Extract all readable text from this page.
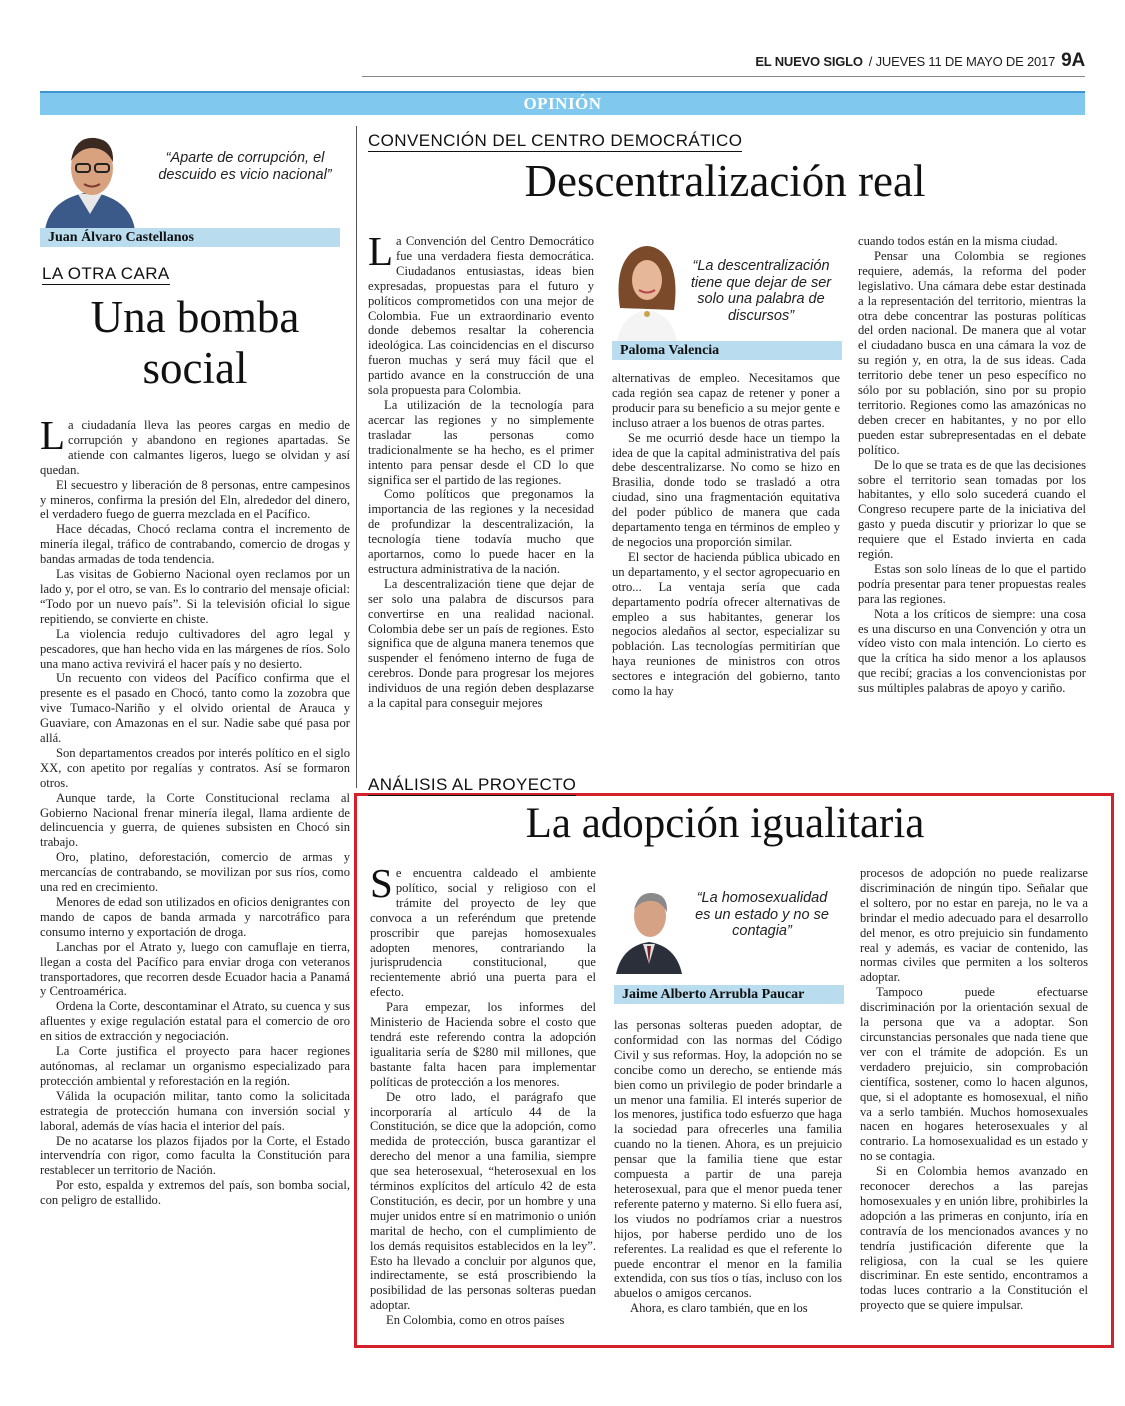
EL NUEVO SIGLO / JUEVES 11 DE MAYO DE 2017 9A
OPINIÓN
“Aparte de corrupción, el descuido es vicio nacional”
Juan Álvaro Castellanos
LA OTRA CARA
Una bomba social

La ciudadanía lleva las peores cargas en medio de corrupción y abandono en regiones apartadas. Se atiende con calmantes ligeros, luego se olvidan y así quedan.

El secuestro y liberación de 8 personas, entre campesinos y mineros, confirma la presión del Eln, alrededor del dinero, el verdadero fuego de guerra mezclada en el Pacífico.

Hace décadas, Chocó reclama contra el incremento de minería ilegal, tráfico de contrabando, comercio de drogas y bandas armadas de toda tendencia.

Las visitas de Gobierno Nacional oyen reclamos por un lado y, por el otro, se van. Es lo contrario del mensaje oficial: “Todo por un nuevo país”. Si la televisión oficial lo sigue repitiendo, se convierte en chiste.

La violencia redujo cultivadores del agro legal y pescadores, que han hecho vida en las márgenes de ríos. Solo una mano activa revivirá el hacer país y no desierto.

Un recuento con videos del Pacífico confirma que el presente es el pasado en Chocó, tanto como la zozobra que vive Tumaco-Nariño y el olvido oriental de Arauca y Guaviare, con Amazonas en el sur. Nadie sabe qué pasa por allá.

Son departamentos creados por interés político en el siglo XX, con apetito por regalías y contratos. Así se formaron otros.

Aunque tarde, la Corte Constitucional reclama al Gobierno Nacional frenar minería ilegal, llama ardiente de delincuencia y guerra, de quienes subsisten en Chocó sin trabajo.

Oro, platino, deforestación, comercio de armas y mercancías de contrabando, se movilizan por sus ríos, como una red en crecimiento.

Menores de edad son utilizados en oficios denigrantes con mando de capos de banda armada y narcotráfico para consumo interno y exportación de droga.

Lanchas por el Atrato y, luego con camuflaje en tierra, llegan a costa del Pacífico para enviar droga con veteranos transportadores, que recorren desde Ecuador hacia a Panamá y Centroamérica.

Ordena la Corte, descontaminar el Atrato, su cuenca y sus afluentes y exige regulación estatal para el comercio de oro en sitios de extracción y negociación.

La Corte justifica el proyecto para hacer regiones autónomas, al reclamar un organismo especializado para protección ambiental y reforestación en la región.

Válida la ocupación militar, tanto como la solicitada estrategia de protección humana con inversión social y laboral, además de vías hacia el interior del país.

De no acatarse los plazos fijados por la Corte, el Estado intervendría con rigor, como faculta la Constitución para restablecer un territorio de Nación.

Por esto, espalda y extremos del país, son bomba social, con peligro de estallido.

CONVENCIÓN DEL CENTRO DEMOCRÁTICO
Descentralización real

La Convención del Centro Democrático fue una verdadera fiesta democrática. Ciudadanos entusiastas, ideas bien expresadas, propuestas para el futuro y políticos comprometidos con una mejor de Colombia. Fue un extraordinario evento donde debemos resaltar la coherencia ideológica. Las coincidencias en el discurso fueron muchas y será muy fácil que el partido avance en la construcción de una sola propuesta para Colombia.

La utilización de la tecnología para acercar las regiones y no simplemente trasladar las personas como tradicionalmente se ha hecho, es el primer intento para pensar desde el CD lo que significa ser el partido de las regiones.

Como políticos que pregonamos la importancia de las regiones y la necesidad de profundizar la descentralización, la tecnología tiene todavía mucho que aportarnos, como lo puede hacer en la estructura administrativa de la nación.

La descentralización tiene que dejar de ser solo una palabra de discursos para convertirse en una realidad nacional. Colombia debe ser un país de regiones. Esto significa que de alguna manera tenemos que suspender el fenómeno interno de fuga de cerebros. Donde para progresar los mejores individuos de una región deben desplazarse a la capital para conseguir mejores

“La descentralización tiene que dejar de ser solo una palabra de discursos”
Paloma Valencia

alternativas de empleo. Necesitamos que cada región sea capaz de retener y poner a producir para su beneficio a su mejor gente e incluso atraer a los buenos de otras partes.

Se me ocurrió desde hace un tiempo la idea de que la capital administrativa del país debe descentralizarse. No como se hizo en Brasilia, donde todo se trasladó a otra ciudad, sino una fragmentación equitativa del poder público de manera que cada departamento tenga en términos de empleo y de negocios una proporción similar.

El sector de hacienda pública ubicado en un departamento, y el sector agropecuario en otro... La ventaja sería que cada departamento podría ofrecer alternativas de empleo a sus habitantes, generar los negocios aledaños al sector, especializar su población. Las tecnologías permitirían que haya reuniones de ministros con otros sectores e integración del gobierno, tanto como la hay

cuando todos están en la misma ciudad.

Pensar una Colombia se regiones requiere, además, la reforma del poder legislativo. Una cámara debe estar destinada a la representación del territorio, mientras la otra debe concentrar las posturas políticas del orden nacional. De manera que al votar el ciudadano busca en una cámara la voz de su región y, en otra, la de sus ideas. Cada territorio debe tener un peso específico no sólo por su población, sino por su propio territorio. Regiones como las amazónicas no deben crecer en habitantes, y no por ello pueden estar subrepresentadas en el debate político.

De lo que se trata es de que las decisiones sobre el territorio sean tomadas por los habitantes, y ello solo sucederá cuando el Congreso recupere parte de la iniciativa del gasto y pueda discutir y priorizar lo que se requiere que el Estado invierta en cada región.

Estas son solo líneas de lo que el partido podría presentar para tener propuestas reales para las regiones.

Nota a los críticos de siempre: una cosa es una discurso en una Convención y otra un vídeo visto con mala intención. Lo cierto es que la crítica ha sido menor a los aplausos que recibí; gracias a los convencionistas por sus múltiples palabras de apoyo y cariño.

ANÁLISIS AL PROYECTO
La adopción igualitaria

Se encuentra caldeado el ambiente político, social y religioso con el trámite del proyecto de ley que convoca a un referéndum que pretende proscribir que parejas homosexuales adopten menores, contrariando la jurisprudencia constitucional, que recientemente abrió una puerta para el efecto.

Para empezar, los informes del Ministerio de Hacienda sobre el costo que tendrá este referendo contra la adopción igualitaria sería de $280 mil millones, que bastante falta hacen para implementar políticas de protección a los menores.

De otro lado, el parágrafo que incorporaría al artículo 44 de la Constitución, se dice que la adopción, como medida de protección, busca garantizar el derecho del menor a una familia, siempre que sea heterosexual, “heterosexual en los términos explícitos del artículo 42 de esta Constitución, es decir, por un hombre y una mujer unidos entre sí en matrimonio o unión marital de hecho, con el cumplimiento de los demás requisitos establecidos en la ley”. Esto ha llevado a concluir por algunos que, indirectamente, se está proscribiendo la posibilidad de las personas solteras puedan adoptar.

En Colombia, como en otros países

“La homosexualidad es un estado y no se contagia”
Jaime Alberto Arrubla Paucar

las personas solteras pueden adoptar, de conformidad con las normas del Código Civil y sus reformas. Hoy, la adopción no se concibe como un derecho, se entiende más bien como un privilegio de poder brindarle a un menor una familia. El interés superior de los menores, justifica todo esfuerzo que haga la sociedad para ofrecerles una familia cuando no la tienen. Ahora, es un prejuicio pensar que la familia tiene que estar compuesta a partir de una pareja heterosexual, para que el menor pueda tener referente paterno y materno. Si ello fuera así, los viudos no podríamos criar a nuestros hijos, por haberse perdido uno de los referentes. La realidad es que el referente lo puede encontrar el menor en la familia extendida, con sus tíos o tías, incluso con los abuelos o amigos cercanos.

Ahora, es claro también, que en los

procesos de adopción no puede realizarse discriminación de ningún tipo. Señalar que el soltero, por no estar en pareja, no le va a brindar el medio adecuado para el desarrollo del menor, es otro prejuicio sin fundamento real y además, es vaciar de contenido, las normas civiles que permiten a los solteros adoptar.

Tampoco puede efectuarse discriminación por la orientación sexual de la persona que va a adoptar. Son circunstancias personales que nada tiene que ver con el trámite de adopción. Es un verdadero prejuicio, sin comprobación científica, sostener, como lo hacen algunos, que, si el adoptante es homosexual, el niño va a serlo también. Muchos homosexuales nacen en hogares heterosexuales y al contrario. La homosexualidad es un estado y no se contagia.

Si en Colombia hemos avanzado en reconocer derechos a las parejas homosexuales y en unión libre, prohibirles la adopción a las primeras en conjunto, iría en contravía de los mencionados avances y no tendría justificación diferente que la religiosa, con la cual se les quiere discriminar. En este sentido, encontramos a todas luces contrario a la Constitución el proyecto que se quiere impulsar.
